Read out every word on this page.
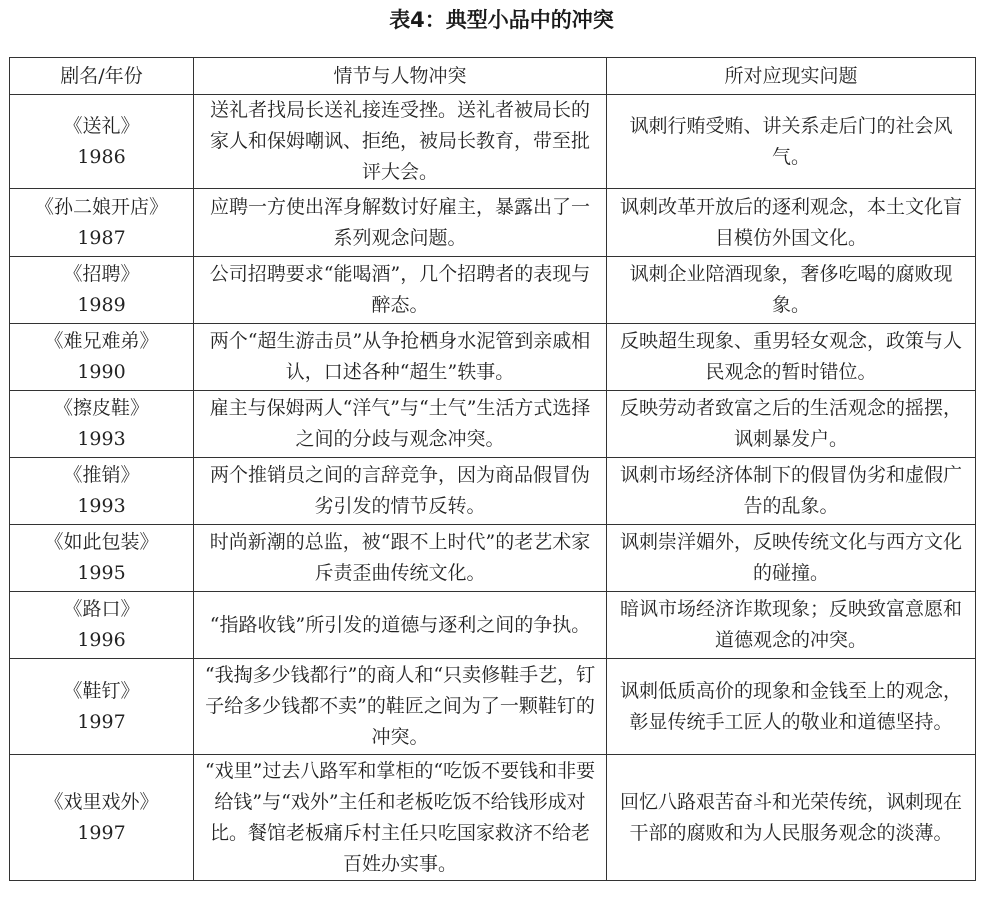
表4：典型小品中的冲突
剧名/年份	情节与人物冲突	所对应现实问题

《送礼》
1986	送礼者找局长送礼接连受挫。送礼者被局长的家人和保姆嘲讽、拒绝，被局长教育，带至批评大会。	讽刺行贿受贿、讲关系走后门的社会风气。

《孙二娘开店》
1987	应聘一方使出浑身解数讨好雇主，暴露出了一系列观念问题。	讽刺改革开放后的逐利观念，本土文化盲目模仿外国文化。

《招聘》
1989	公司招聘要求“能喝酒”，几个招聘者的表现与醉态。	讽刺企业陪酒现象，奢侈吃喝的腐败现象。

《难兄难弟》
1990	两个“超生游击员”从争抢栖身水泥管到亲戚相认，口述各种“超生”轶事。	反映超生现象、重男轻女观念，政策与人民观念的暂时错位。

《擦皮鞋》
1993	雇主与保姆两人“洋气”与“土气”生活方式选择之间的分歧与观念冲突。	反映劳动者致富之后的生活观念的摇摆，讽刺暴发户。

《推销》
1993	两个推销员之间的言辞竞争，因为商品假冒伪劣引发的情节反转。	讽刺市场经济体制下的假冒伪劣和虚假广告的乱象。

《如此包装》
1995	时尚新潮的总监，被“跟不上时代”的老艺术家斥责歪曲传统文化。	讽刺崇洋媚外，反映传统文化与西方文化的碰撞。

《路口》
1996	“指路收钱”所引发的道德与逐利之间的争执。	暗讽市场经济诈欺现象；反映致富意愿和道德观念的冲突。

《鞋钉》
1997	“我掏多少钱都行”的商人和“只卖修鞋手艺，钉子给多少钱都不卖”的鞋匠之间为了一颗鞋钉的冲突。	讽刺低质高价的现象和金钱至上的观念，彰显传统手工匠人的敬业和道德坚持。

《戏里戏外》
1997	“戏里”过去八路军和掌柜的“吃饭不要钱和非要给钱”与“戏外”主任和老板吃饭不给钱形成对比。餐馆老板痛斥村主任只吃国家救济不给老百姓办实事。	回忆八路艰苦奋斗和光荣传统，讽刺现在干部的腐败和为人民服务观念的淡薄。
